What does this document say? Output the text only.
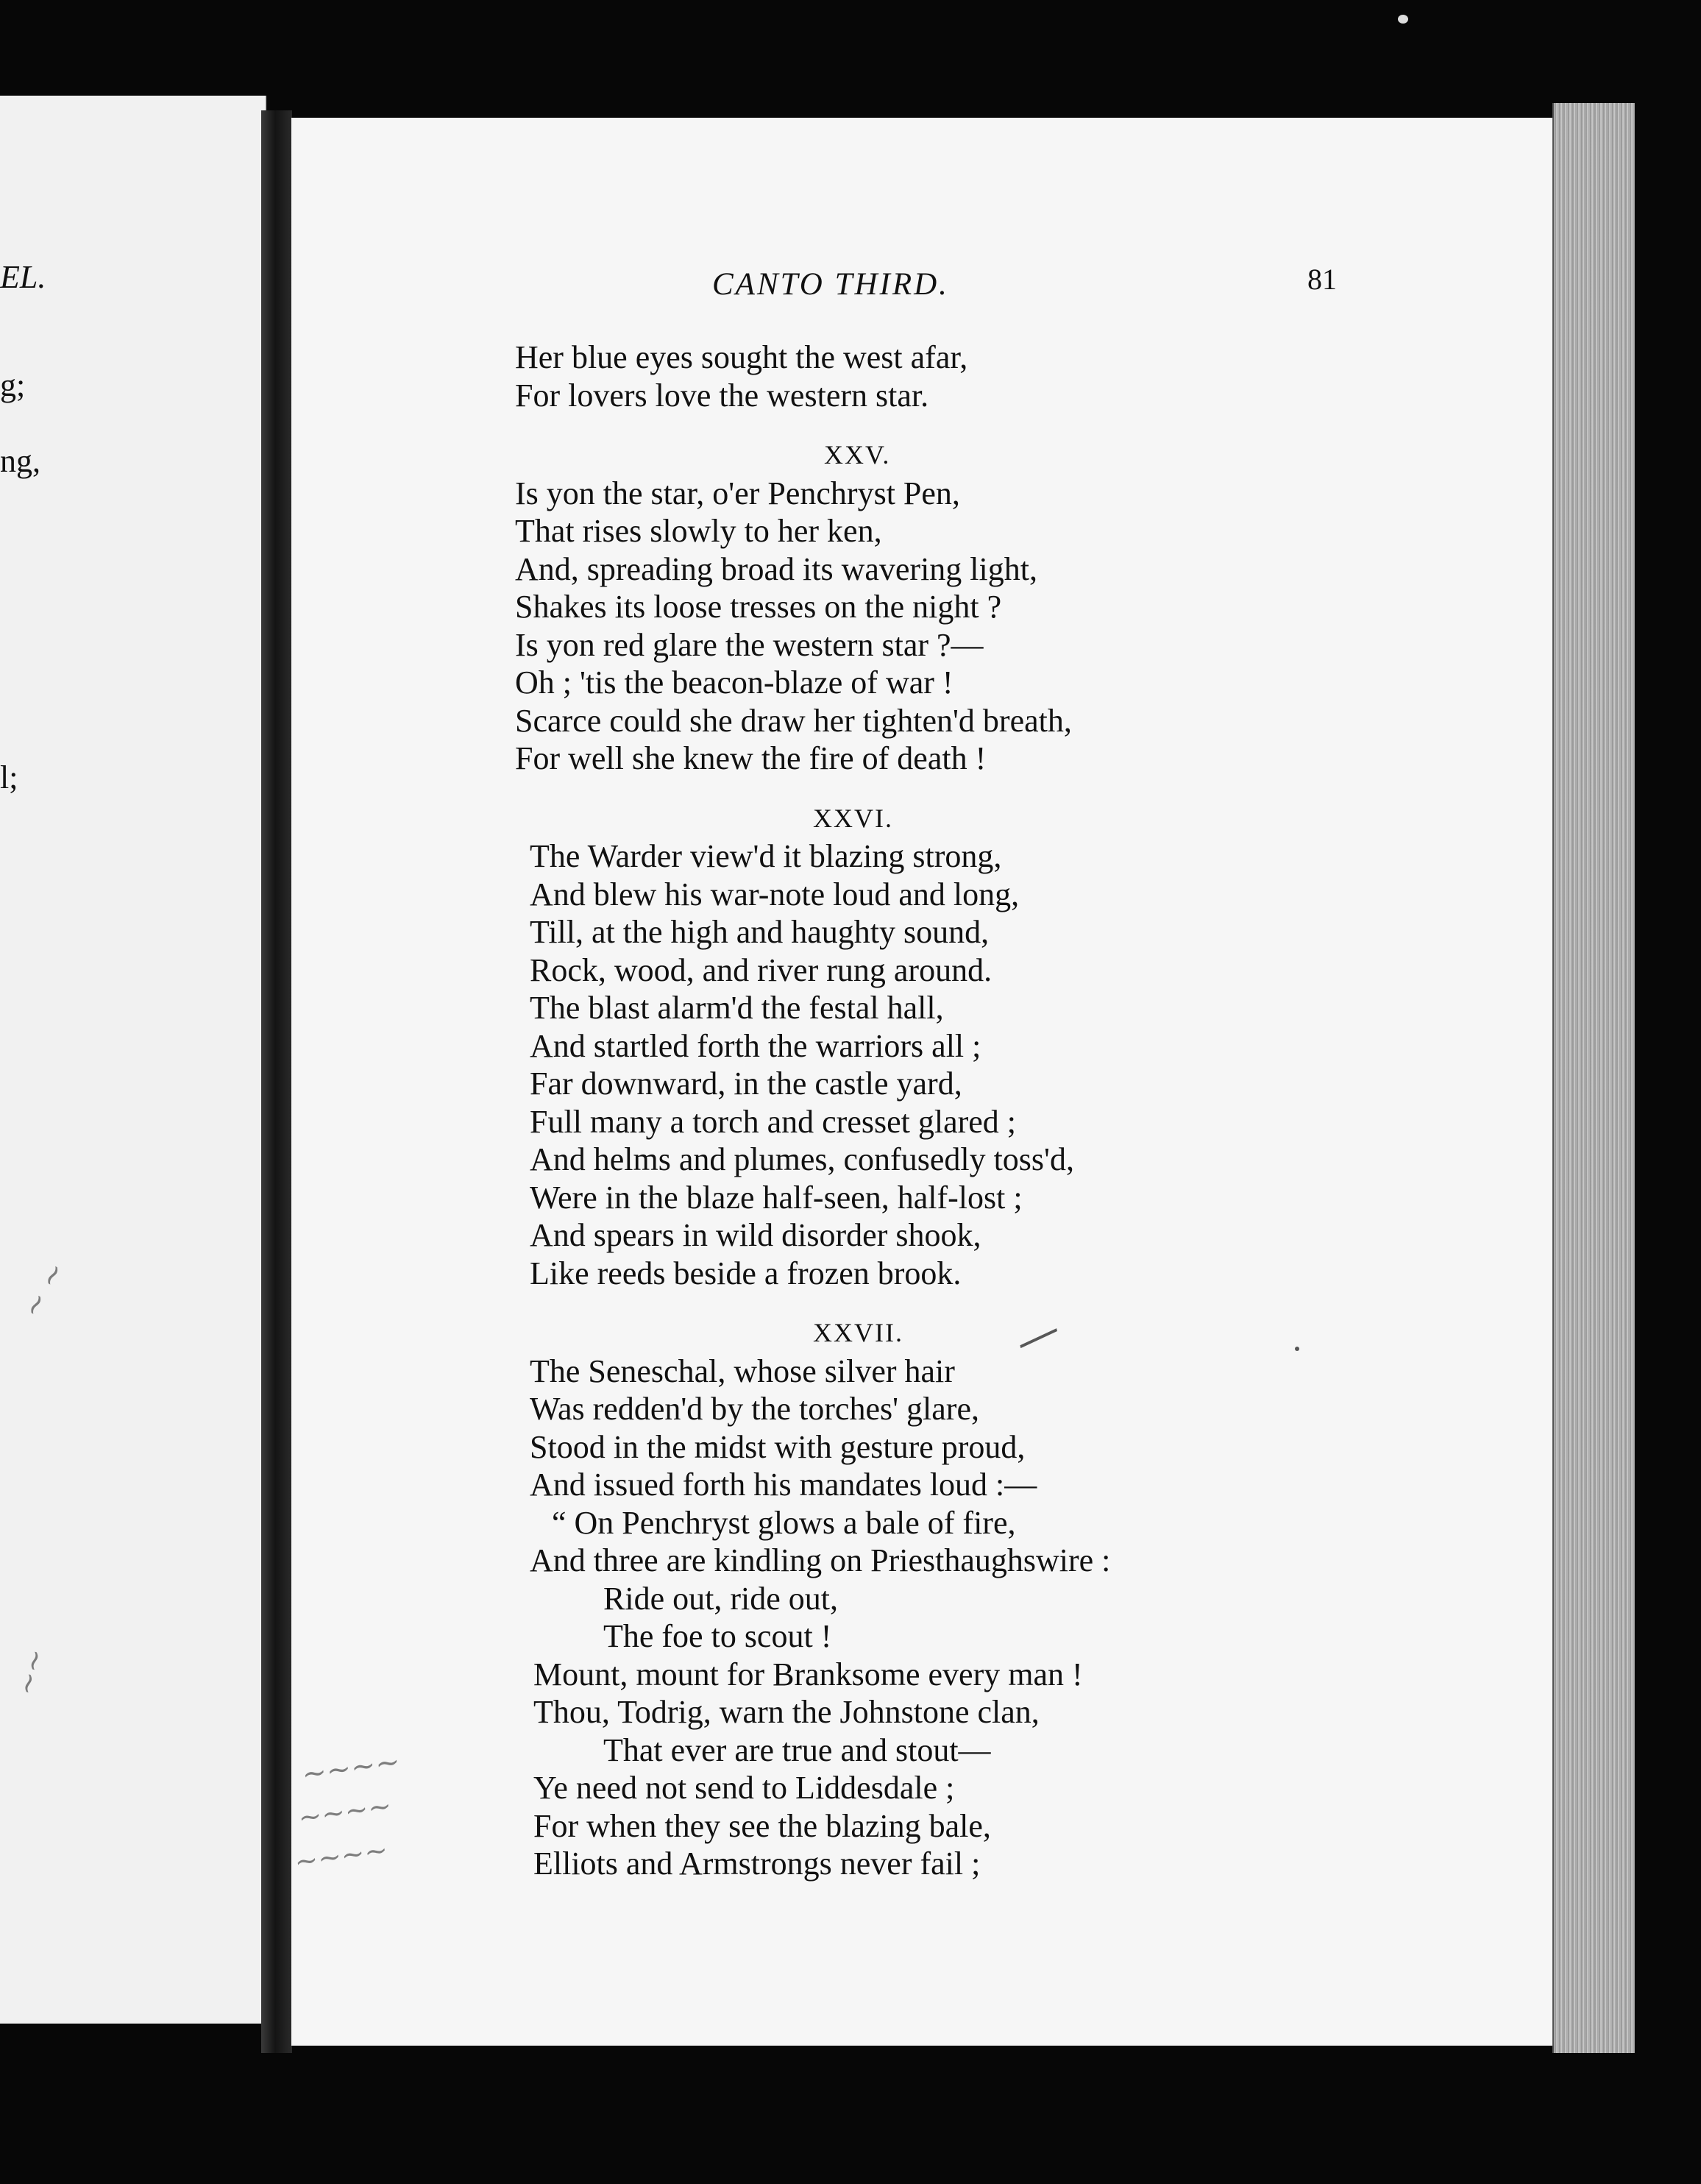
EL.
g;
ng,
l;
~ ~
~~
CANTO THIRD.	81
Her blue eyes sought the west afar,
For lovers love the western star.
XXV.
Is yon the star, o'er Penchryst Pen,
That rises slowly to her ken,
And, spreading broad its wavering light,
Shakes its loose tresses on the night ?
Is yon red glare the western star ?—
Oh ; 'tis the beacon-blaze of war !
Scarce could she draw her tighten'd breath,
For well she knew the fire of death !
XXVI.
The Warder view'd it blazing strong,
And blew his war-note loud and long,
Till, at the high and haughty sound,
Rock, wood, and river rung around.
The blast alarm'd the festal hall,
And startled forth the warriors all ;
Far downward, in the castle yard,
Full many a torch and cresset glared ;
And helms and plumes, confusedly toss'd,
Were in the blaze half-seen, half-lost ;
And spears in wild disorder shook,
Like reeds beside a frozen brook.
XXVII.
The Seneschal, whose silver hair
Was redden'd by the torches' glare,
Stood in the midst with gesture proud,
And issued forth his mandates loud :—
“ On Penchryst glows a bale of fire,
And three are kindling on Priesthaughswire :
Ride out, ride out,
The foe to scout !
Mount, mount for Branksome every man !
Thou, Todrig, warn the Johnstone clan,
That ever are true and stout—
Ye need not send to Liddesdale ;
For when they see the blazing bale,
Elliots and Armstrongs never fail ;
~~~~
~~~~
~~~~
—
